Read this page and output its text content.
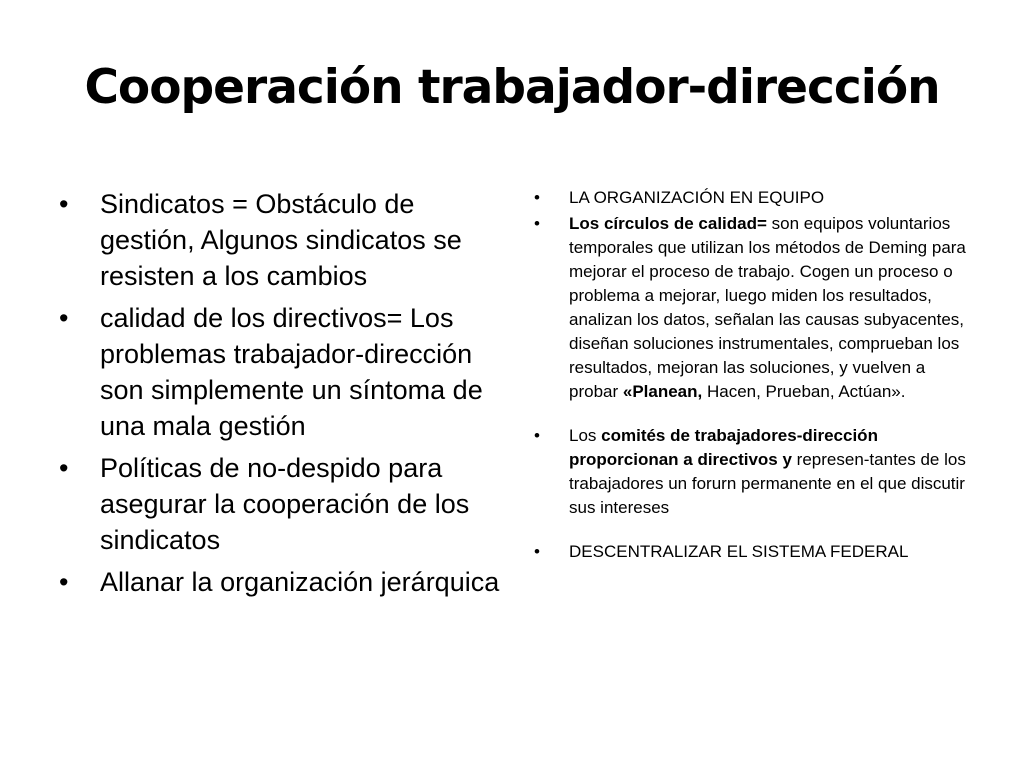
Cooperación trabajador-dirección
• Sindicatos = Obstáculo de gestión, Algunos sindicatos se resisten a los cambios
• calidad de los directivos= Los problemas trabajador-dirección son simplemente un síntoma de una mala gestión
• Políticas de no-despido para asegurar la cooperación de los sindicatos
• Allanar la organización jerárquica
• LA ORGANIZACIÓN EN EQUIPO
• Los círculos de calidad= son equipos voluntarios temporales que utilizan los métodos de Deming para mejorar el proceso de trabajo. Cogen un proceso o problema a mejorar, luego miden los resultados, analizan los datos, señalan las causas subyacentes, diseñan soluciones instrumentales, comprueban los resultados, mejoran las soluciones, y vuelven a probar «Planean, Hacen, Prueban, Actúan».
• Los comités de trabajadores-dirección proporcionan a directivos y represen-tantes de los trabajadores un forurn permanente en el que discutir sus intereses
• DESCENTRALIZAR EL SISTEMA FEDERAL
